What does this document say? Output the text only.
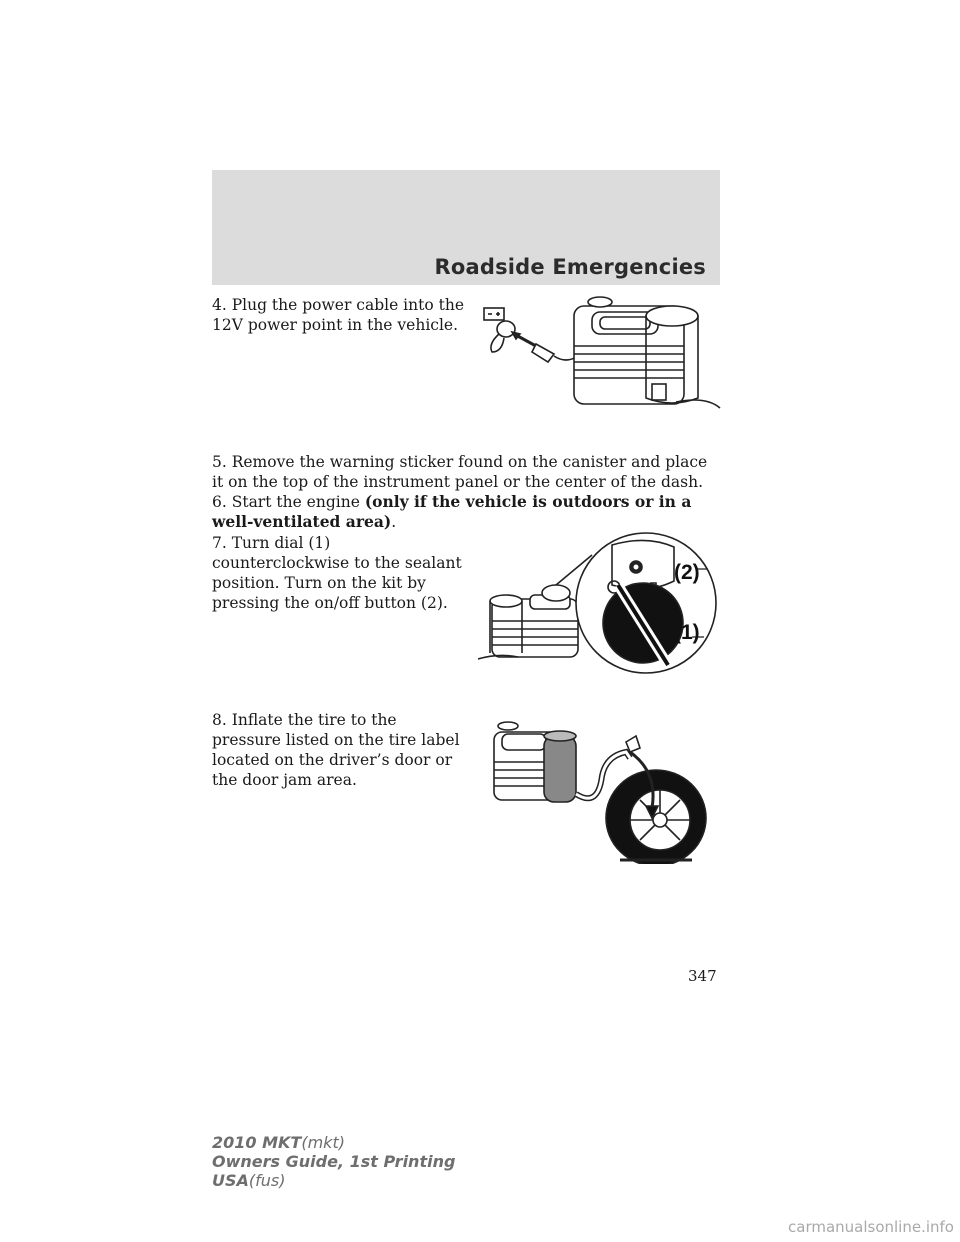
Roadside Emergencies

4. Plug the power cable into the 12V power point in the vehicle.

5. Remove the warning sticker found on the canister and place it on the top of the instrument panel or the center of the dash.

6. Start the engine (only if the vehicle is outdoors or in a well-ventilated area).

7. Turn dial (1) counterclockwise to the sealant position. Turn on the kit by pressing the on/off button (2).

(2)
(1)

8. Inflate the tire to the pressure listed on the tire label located on the driver’s door or the door jam area.

347
2010 MKT(mkt)
Owners Guide, 1st Printing
USA(fus)
carmanualsonline.info
